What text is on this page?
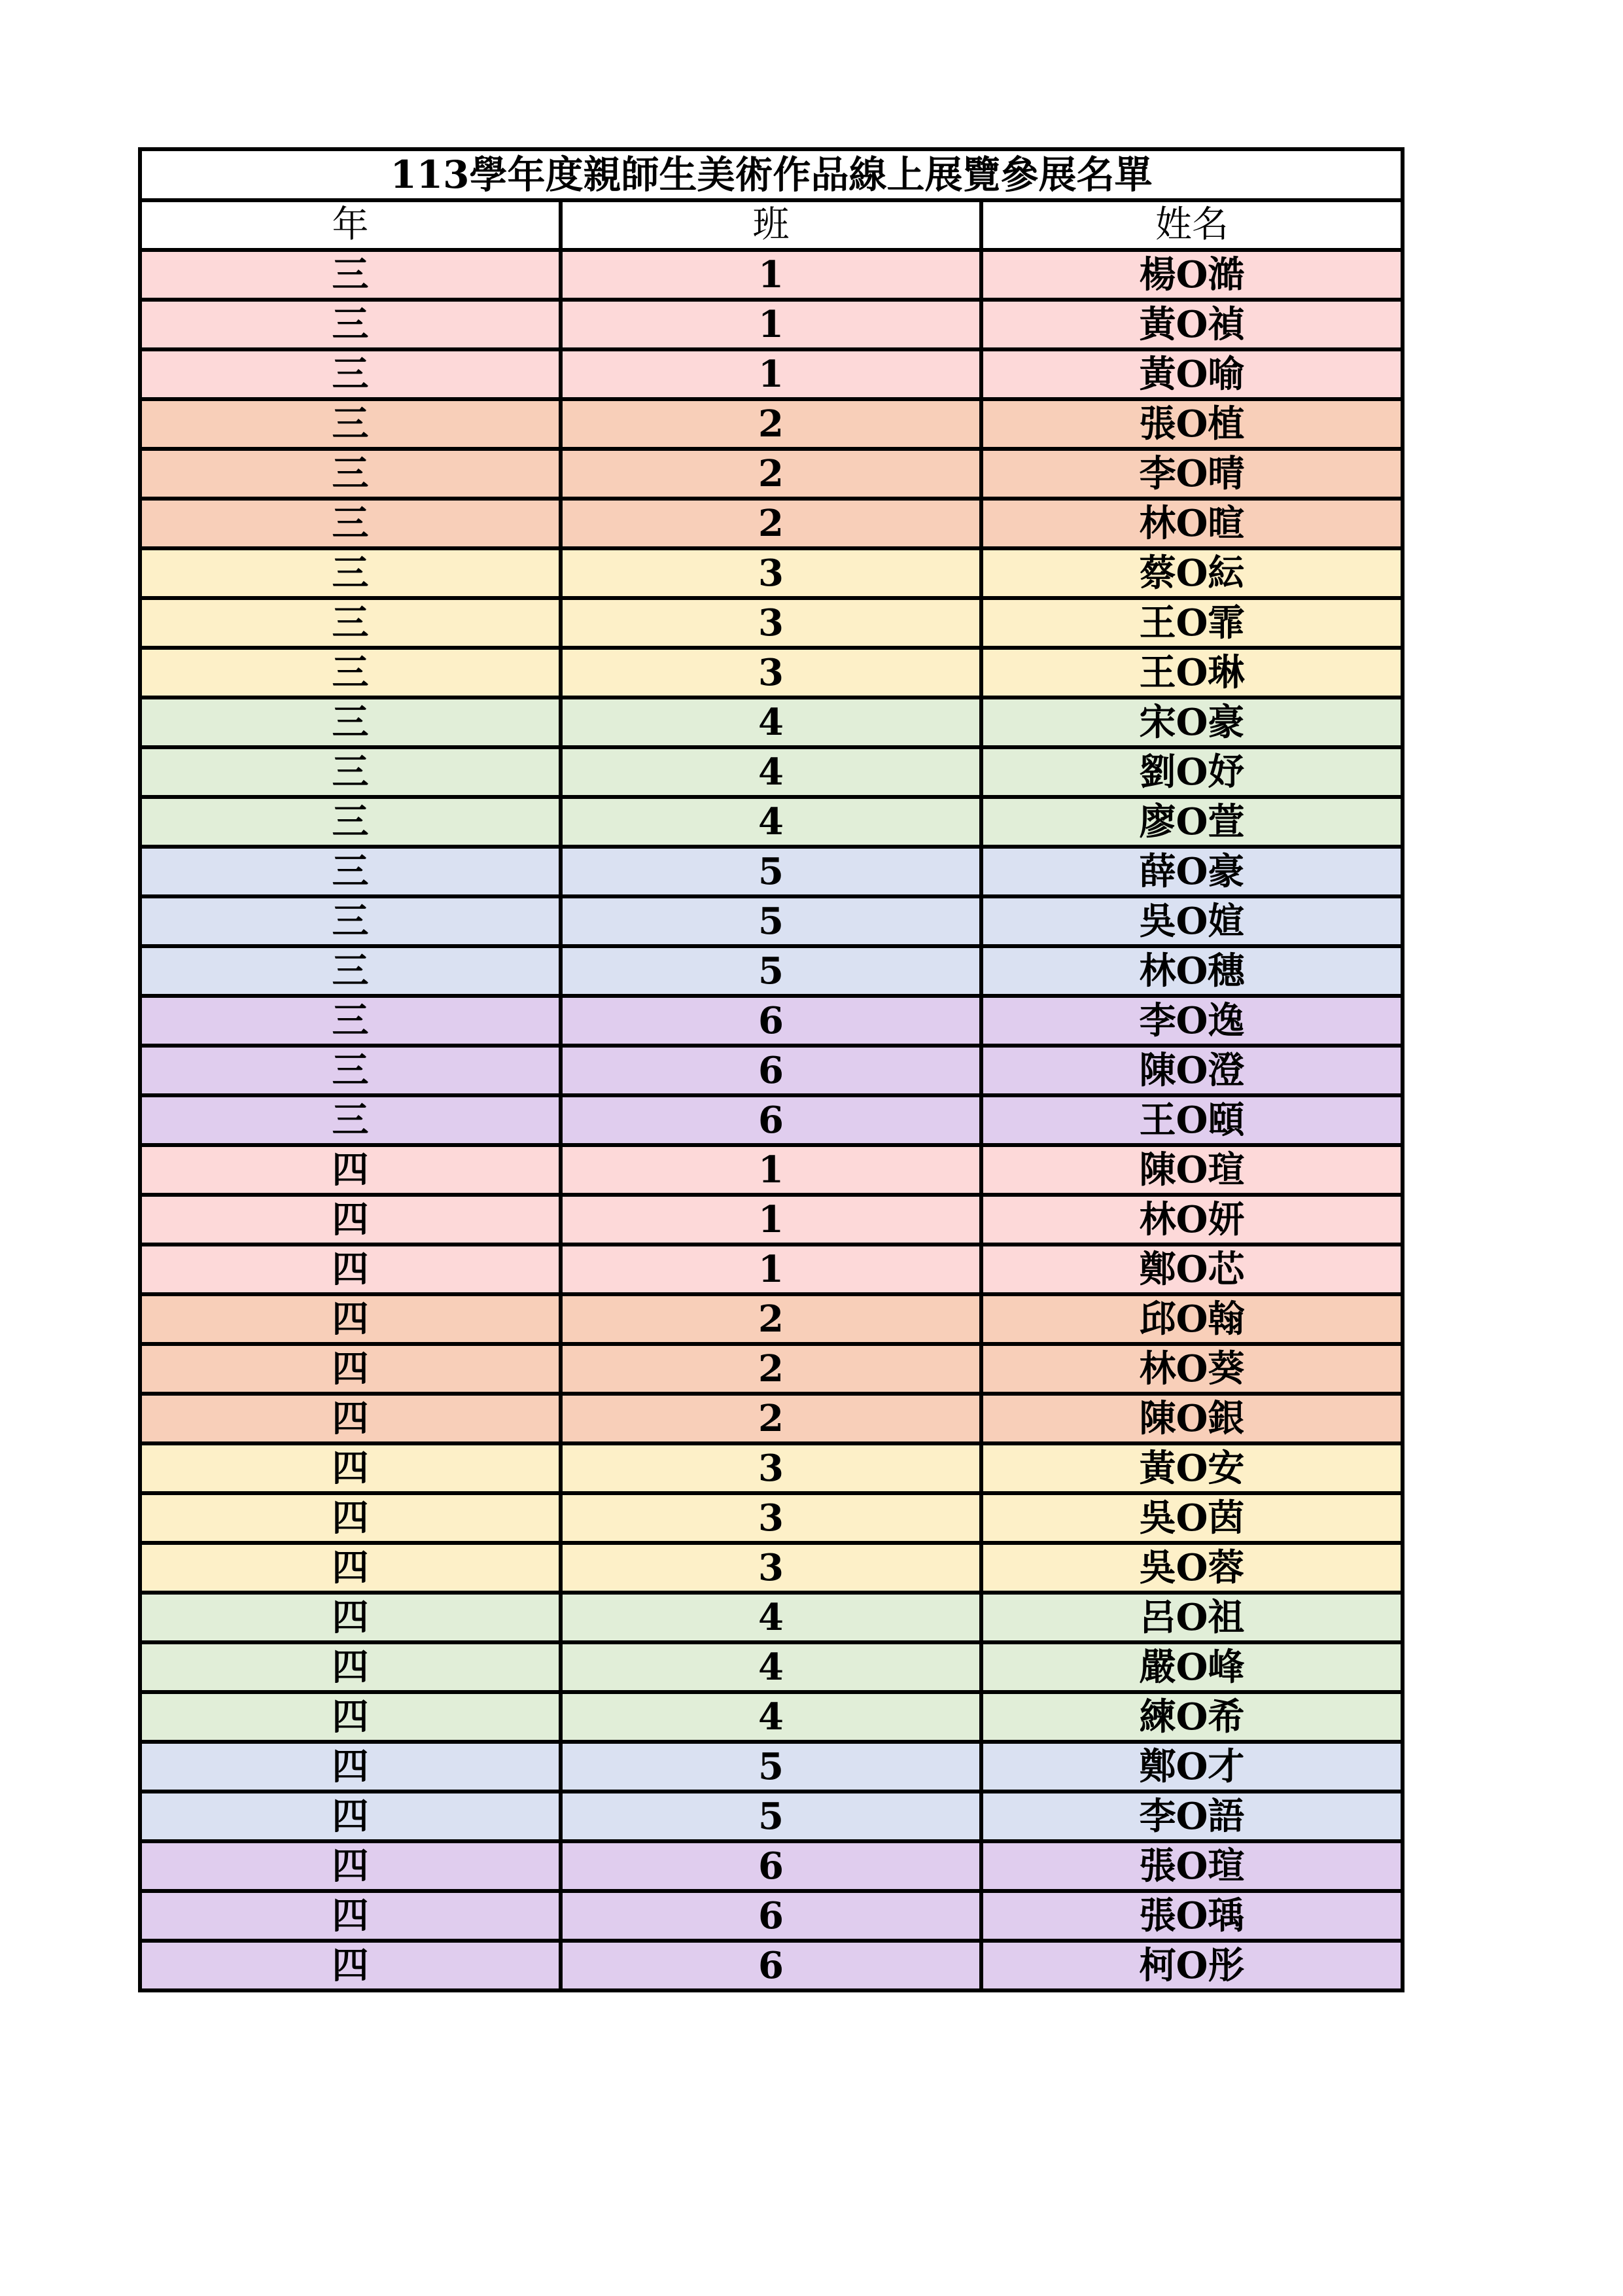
113學年度親師生美術作品線上展覽參展名單		
年	班	姓名
三	1	楊O澔
三	1	黃O禎
三	1	黃O喻
三	2	張O植
三	2	李O晴
三	2	林O暄
三	3	蔡O紜
三	3	王O霏
三	3	王O琳
三	4	宋O豪
三	4	劉O妤
三	4	廖O萱
三	5	薛O豪
三	5	吳O媗
三	5	林O穗
三	6	李O逸
三	6	陳O澄
三	6	王O頤
四	1	陳O瑄
四	1	林O妍
四	1	鄭O芯
四	2	邱O翰
四	2	林O葵
四	2	陳O銀
四	3	黃O安
四	3	吳O茵
四	3	吳O蓉
四	4	呂O祖
四	4	嚴O峰
四	4	練O希
四	5	鄭O才
四	5	李O語
四	6	張O瑄
四	6	張O瑀
四	6	柯O彤
